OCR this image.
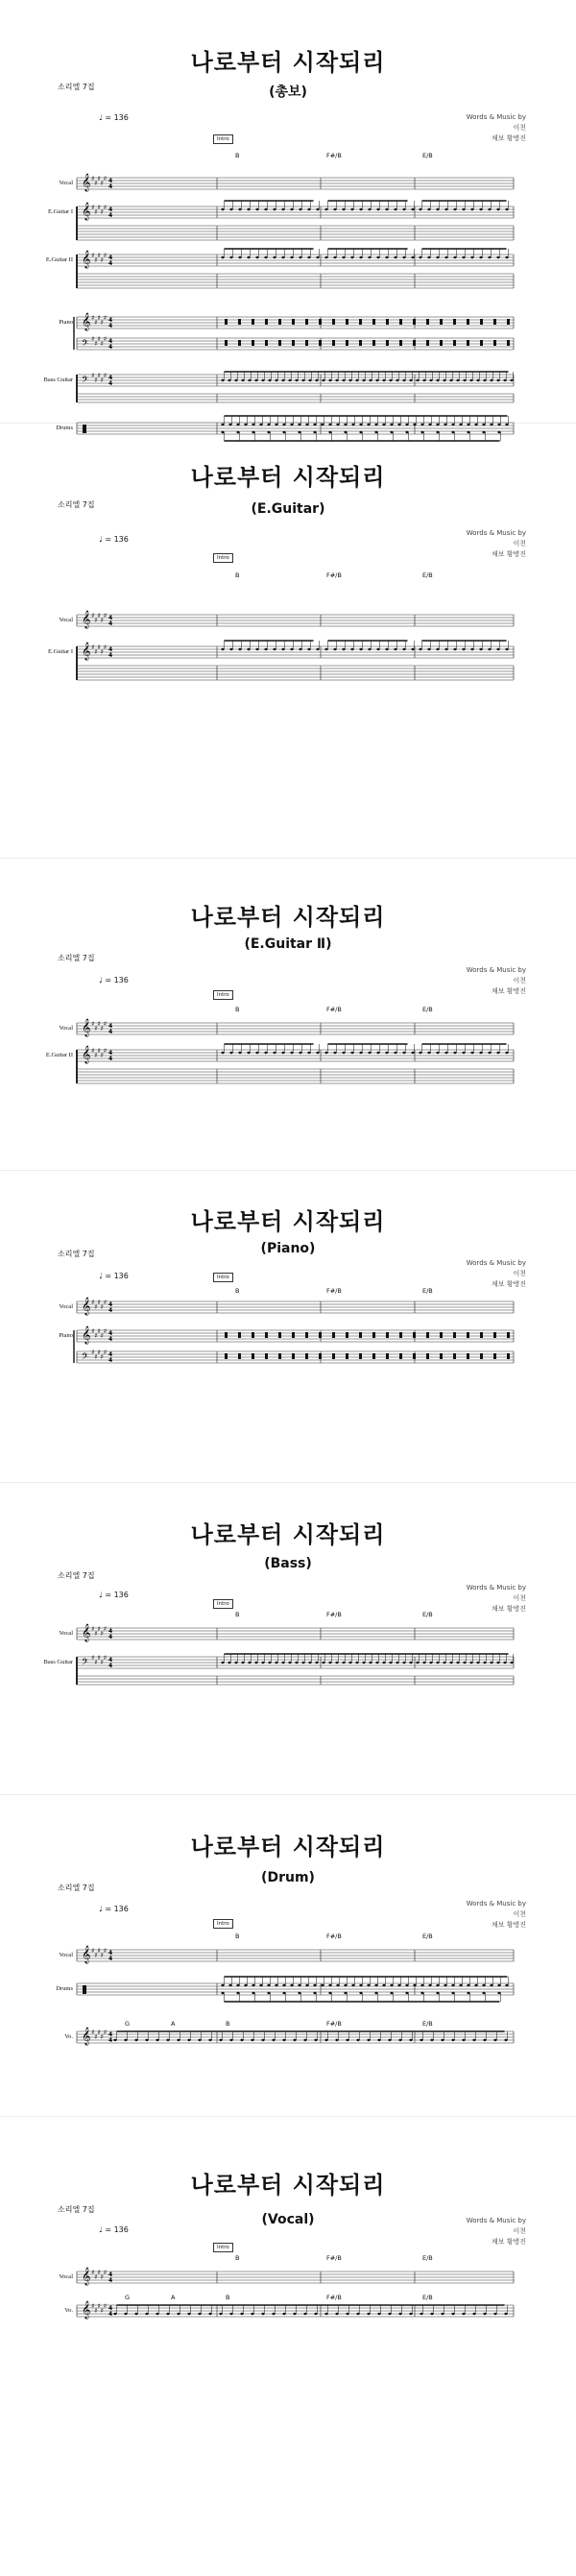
나로부터 시작되리
(총보)
소리엘 7집
♩ = 136	Words & Music by
이천
채보 황병진
Intro
B	F#/B	E/B
𝄞 ♯
♯
♯
♯
♯ 4
4
𝄞 ♯
♯
♯
♯
♯ 4
4
𝄞 ♯
♯
♯
♯
♯ 4
4
𝄞 ♯
♯
♯
♯
♯ 4
4
𝄢 ♯
♯
♯
♯
♯ 4
4
𝄢 ♯
♯
♯
♯
♯ 4
4
Vocal
E.Guitar I
E.Guitar II
Piano
Bass Guitar
Drums
나로부터 시작되리
(E.Guitar)
소리엘 7집
♩ = 136
Words & Music by
이천
채보 황병진
Intro
B	F#/B	E/B
𝄞 ♯
♯
♯
♯
♯ 4
4
𝄞 ♯
♯
♯
♯
♯ 4
4
Vocal
E.Guitar I
나로부터 시작되리
(E.Guitar Ⅱ)
소리엘 7집
♩ = 136
Words & Music by
이천
채보 황병진
Intro
B	F#/B	E/B
𝄞 ♯
♯
♯
♯
♯ 4
4
𝄞 ♯
♯
♯
♯
♯ 4
4
Vocal
E.Guitar II
나로부터 시작되리
(Piano)
소리엘 7집
♩ = 136
Words & Music by
이천
채보 황병진
Intro
B	F#/B	E/B
𝄞 ♯
♯
♯
♯
♯ 4
4
𝄞 ♯
♯
♯
♯
♯ 4
4
𝄢 ♯
♯
♯
♯
♯ 4
4
Vocal
Piano
나로부터 시작되리
(Bass)
소리엘 7집
♩ = 136
Words & Music by
이천
채보 황병진
Intro
B	F#/B	E/B
𝄞 ♯
♯
♯
♯
♯ 4
4
𝄢 ♯
♯
♯
♯
♯ 4
4
Vocal
Bass Guitar
나로부터 시작되리
(Drum)
소리엘 7집
♩ = 136
Words & Music by
이천
채보 황병진
Intro
B	F#/B	E/B
𝄞 ♯
♯
♯
♯
♯ 4
4
𝄞 ♯
♯
♯
♯
♯ 4
4
Vocal
Drums
Vo.
G	A	B	F#/B	E/B
나로부터 시작되리
(Vocal)
소리엘 7집
♩ = 136
Words & Music by
이천
채보 황병진
Intro
B	F#/B	E/B
𝄞 ♯
♯
♯
♯
♯ 4
4
𝄞 ♯
♯
♯
♯
♯ 4
4
Vocal
Vo.
G	A	B	F#/B	E/B
